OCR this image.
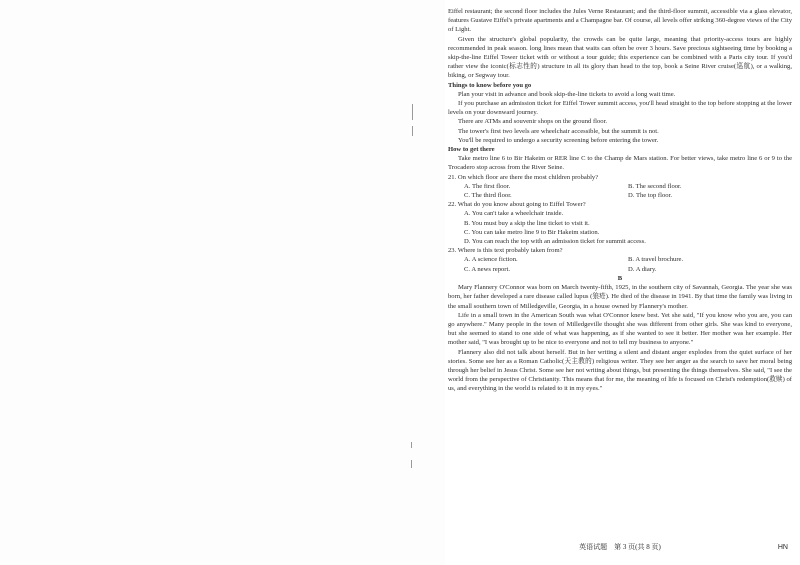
Eiffel restaurant; the second floor includes the Jules Verne Restaurant; and the third-floor summit, accessible via a glass elevator, features Gustave Eiffel's private apartments and a Champagne bar. Of course, all levels offer striking 360-degree views of the City of Light.

Given the structure's global popularity, the crowds can be quite large, meaning that priority-access tours are highly recommended in peak season. long lines mean that waits can often be over 3 hours. Save precious sightseeing time by booking a skip-the-line Eiffel Tower ticket with or without a tour guide; this experience can be combined with a Paris city tour. If you'd rather view the iconic(标志性的) structure in all its glory than head to the top, book a Seine River cruise(巡航), or a walking, biking, or Segway tour.

Things to know before you go

Plan your visit in advance and book skip-the-line tickets to avoid a long wait time.

If you purchase an admission ticket for Eiffel Tower summit access, you'll head straight to the top before stopping at the lower levels on your downward journey.

There are ATMs and souvenir shops on the ground floor.

The tower's first two levels are wheelchair accessible, but the summit is not.

You'll be required to undergo a security screening before entering the tower.

How to get there

Take metro line 6 to Bir Hakeim or RER line C to the Champ de Mars station. For better views, take metro line 6 or 9 to the Trocadero stop across from the River Seine.

21. On which floor are there the most children probably?

A. The first floor.	B. The second floor.
C. The third floor.	D. The top floor.

22. What do you know about going to Eiffel Tower?

A. You can't take a wheelchair inside.

B. You must buy a skip the line ticket to visit it.

C. You can take metro line 9 to Bir Hakeim station.

D. You can reach the top with an admission ticket for summit access.

23. Where is this text probably taken from?

A. A science fiction.	B. A travel brochure.
C. A news report.	D. A diary.

B

Mary Flannery O'Connor was born on March twenty-fifth, 1925, in the southern city of Savannah, Georgia. The year she was born, her father developed a rare disease called lupus (狼疮). He died of the disease in 1941. By that time the family was living in the small southern town of Milledgeville, Georgia, in a house owned by Flannery's mother.

Life in a small town in the American South was what O'Connor knew best. Yet she said, "If you know who you are, you can go anywhere." Many people in the town of Milledgeville thought she was different from other girls. She was kind to everyone, but she seemed to stand to one side of what was happening, as if she wanted to see it better. Her mother was her example. Her mother said, "I was brought up to be nice to everyone and not to tell my business to anyone."

Flannery also did not talk about herself. But in her writing a silent and distant anger explodes from the quiet surface of her stories. Some see her as a Roman Catholic(天主教的) religious writer. They see her anger as the search to save her moral being through her belief in Jesus Christ. Some see her not writing about things, but presenting the things themselves. She said, "I see the world from the perspective of Christianity. This means that for me, the meaning of life is focused on Christ's redemption(救赎) of us, and everything in the world is related to it in my eyes."

英语试题　第 3 页(共 8 页)	HN
